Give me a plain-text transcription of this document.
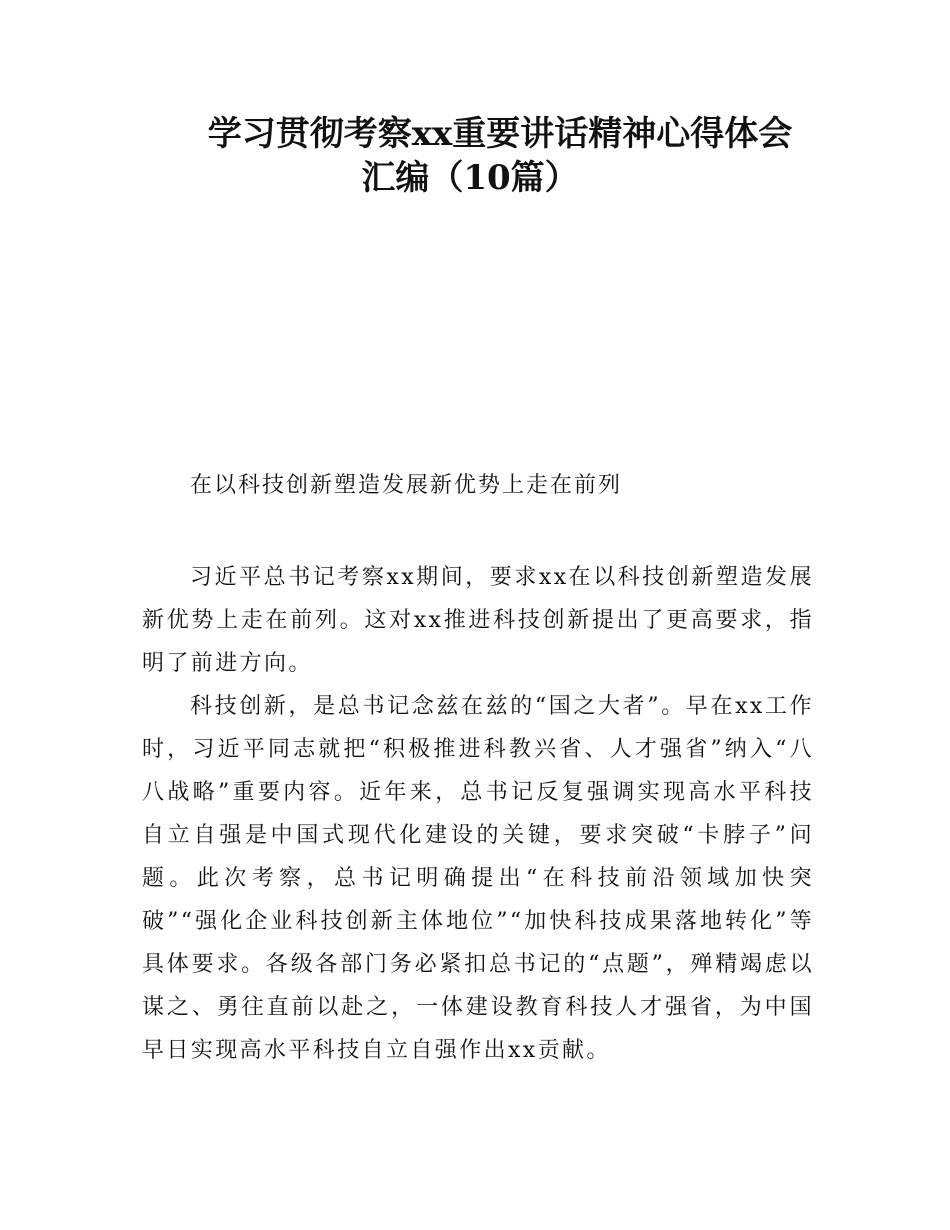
学习贯彻考察xx重要讲话精神心得体会
汇编（10篇）
在以科技创新塑造发展新优势上走在前列

习近平总书记考察xx期间，要求xx在以科技创新塑造发展新优势上走在前列。这对xx推进科技创新提出了更高要求，指明了前进方向。

科技创新，是总书记念兹在兹的“国之大者”。早在xx工作时，习近平同志就把“积极推进科教兴省、人才强省”纳入“八八战略”重要内容。近年来，总书记反复强调实现高水平科技自立自强是中国式现代化建设的关键，要求突破“卡脖子”问题。此次考察，总书记明确提出“在科技前沿领域加快突破”“强化企业科技创新主体地位”“加快科技成果落地转化”等具体要求。各级各部门务必紧扣总书记的“点题”，殚精竭虑以谋之、勇往直前以赴之，一体建设教育科技人才强省，为中国早日实现高水平科技自立自强作出xx贡献。
